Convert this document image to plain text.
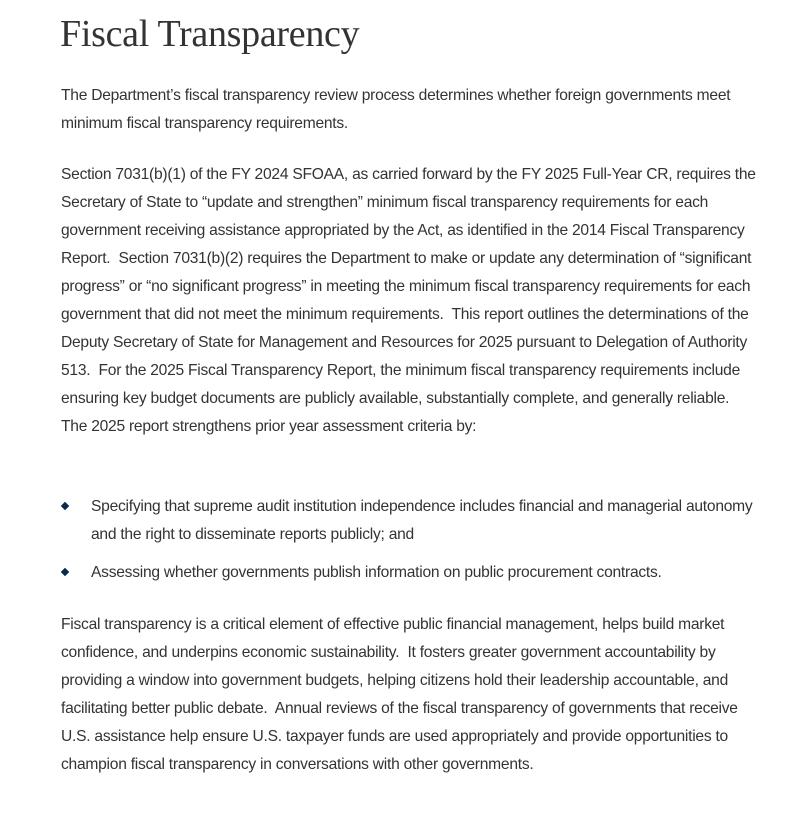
Fiscal Transparency

The Department’s fiscal transparency review process determines whether foreign governments meet minimum fiscal transparency requirements.

Section 7031(b)(1) of the FY 2024 SFOAA, as carried forward by the FY 2025 Full-Year CR, requires the Secretary of State to “update and strengthen” minimum fiscal transparency requirements for each government receiving assistance appropriated by the Act, as identified in the 2014 Fiscal Transparency Report.  Section 7031(b)(2) requires the Department to make or update any determination of “significant progress” or “no significant progress” in meeting the minimum fiscal transparency requirements for each government that did not meet the minimum requirements.  This report outlines the determinations of the Deputy Secretary of State for Management and Resources for 2025 pursuant to Delegation of Authority 513.  For the 2025 Fiscal Transparency Report, the minimum fiscal transparency requirements include ensuring key budget documents are publicly available, substantially complete, and generally reliable.  The 2025 report strengthens prior year assessment criteria by:

Specifying that supreme audit institution independence includes financial and managerial autonomy and the right to disseminate reports publicly; and
Assessing whether governments publish information on public procurement contracts.

Fiscal transparency is a critical element of effective public financial management, helps build market confidence, and underpins economic sustainability.  It fosters greater government accountability by providing a window into government budgets, helping citizens hold their leadership accountable, and facilitating better public debate.  Annual reviews of the fiscal transparency of governments that receive U.S. assistance help ensure U.S. taxpayer funds are used appropriately and provide opportunities to champion fiscal transparency in conversations with other governments.
